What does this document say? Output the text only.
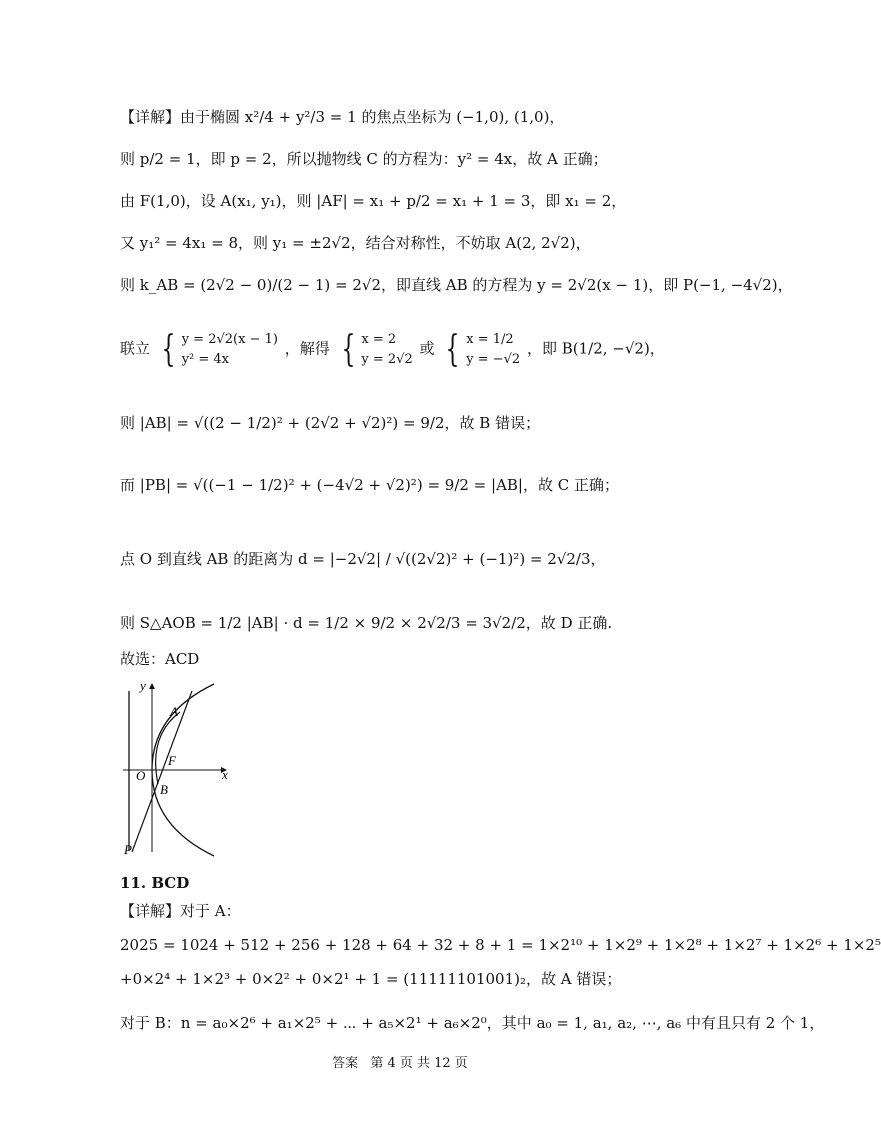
【详解】由于椭圆 x²/4 + y²/3 = 1 的焦点坐标为 (−1,0), (1,0)，
则 p/2 = 1，即 p = 2，所以抛物线 C 的方程为：y² = 4x，故 A 正确；
由 F(1,0)，设 A(x₁, y₁)，则 |AF| = x₁ + p/2 = x₁ + 1 = 3，即 x₁ = 2，
又 y₁² = 4x₁ = 8，则 y₁ = ±2√2，结合对称性，不妨取 A(2, 2√2)，
则 k_AB = (2√2 − 0)/(2 − 1) = 2√2，即直线 AB 的方程为 y = 2√2(x − 1)，即 P(−1, −4√2)，
联立 { y = 2√2(x − 1)
y² = 4x
，解得 { x = 2
y = 2√2
或 { x = 1/2
y = −√2
，即 B(1/2, −√2)，
则 |AB| = √((2 − 1/2)² + (2√2 + √2)²) = 9/2，故 B 错误；
而 |PB| = √((−1 − 1/2)² + (−4√2 + √2)²) = 9/2 = |AB|，故 C 正确；
点 O 到直线 AB 的距离为 d = |−2√2| / √((2√2)² + (−1)²) = 2√2/3，
则 S△AOB = 1/2 |AB| · d = 1/2 × 9/2 × 2√2/3 = 3√2/2，故 D 正确.
故选：ACD
y
x
A
F
O
B
P
11. BCD
【详解】对于 A：
2025 = 1024 + 512 + 256 + 128 + 64 + 32 + 8 + 1 = 1×2¹⁰ + 1×2⁹ + 1×2⁸ + 1×2⁷ + 1×2⁶ + 1×2⁵
+0×2⁴ + 1×2³ + 0×2² + 0×2¹ + 1 = (11111101001)₂，故 A 错误；
对于 B：n = a₀×2⁶ + a₁×2⁵ + ⋯ + a₅×2¹ + a₆×2⁰，其中 a₀ = 1, a₁, a₂, ⋯, a₆ 中有且只有 2 个 1，
答案 第 4 页 共 12 页
